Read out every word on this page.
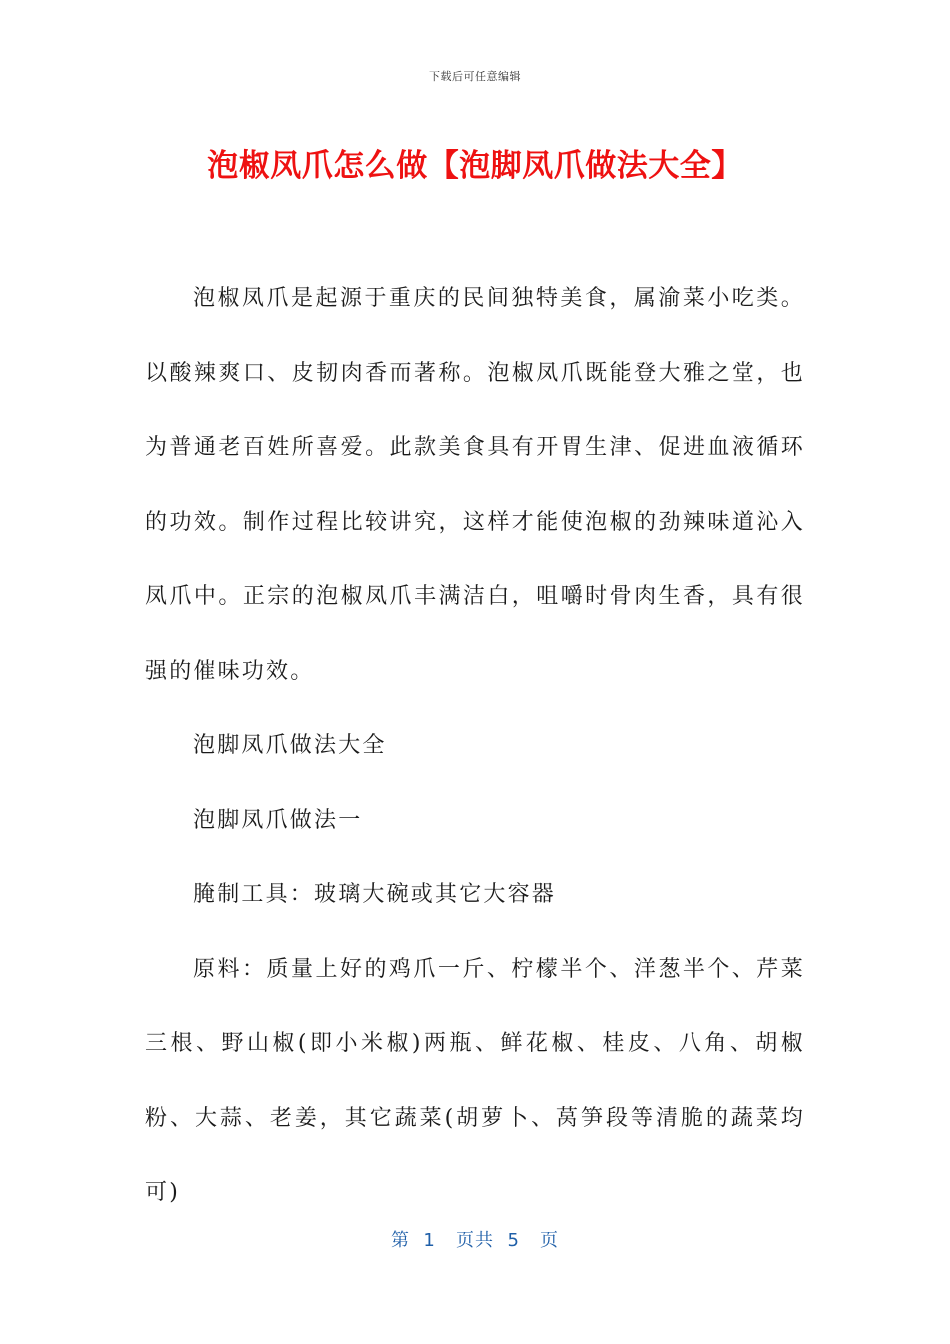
下载后可任意编辑
泡椒凤爪怎么做【泡脚凤爪做法大全】

泡椒凤爪是起源于重庆的民间独特美食，属渝菜小吃类。以酸辣爽口、皮韧肉香而著称。泡椒凤爪既能登大雅之堂，也为普通老百姓所喜爱。此款美食具有开胃生津、促进血液循环的功效。制作过程比较讲究，这样才能使泡椒的劲辣味道沁入凤爪中。正宗的泡椒凤爪丰满洁白，咀嚼时骨肉生香，具有很强的催味功效。

泡脚凤爪做法大全

泡脚凤爪做法一

腌制工具：玻璃大碗或其它大容器

原料：质量上好的鸡爪一斤、柠檬半个、洋葱半个、芹菜三根、野山椒(即小米椒)两瓶、鲜花椒、桂皮、八角、胡椒粉、大蒜、老姜，其它蔬菜(胡萝卜、莴笋段等清脆的蔬菜均可)

第  1   页共  5   页
